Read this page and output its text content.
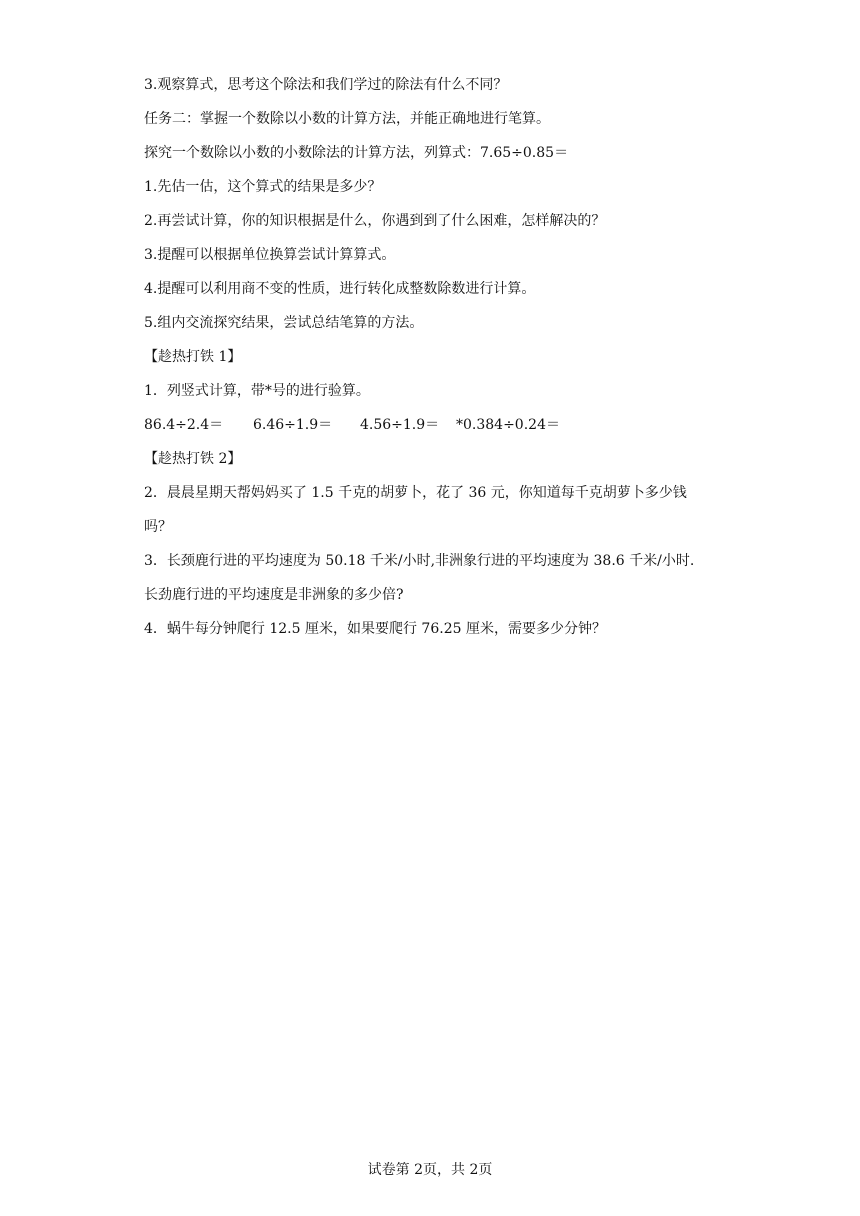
3.观察算式，思考这个除法和我们学过的除法有什么不同？
任务二：掌握一个数除以小数的计算方法，并能正确地进行笔算。
探究一个数除以小数的小数除法的计算方法，列算式：7.65÷0.85＝
1.先估一估，这个算式的结果是多少？
2.再尝试计算，你的知识根据是什么，你遇到到了什么困难，怎样解决的？
3.提醒可以根据单位换算尝试计算算式。
4.提醒可以利用商不变的性质，进行转化成整数除数进行计算。
5.组内交流探究结果，尝试总结笔算的方法。
【趁热打铁 1】
1．列竖式计算，带*号的进行验算。
86.4÷2.4＝	6.46÷1.9＝	4.56÷1.9＝	*0.384÷0.24＝
【趁热打铁 2】
2．晨晨星期天帮妈妈买了 1.5 千克的胡萝卜，花了 36 元，你知道每千克胡萝卜多少钱
吗？
3．长颈鹿行进的平均速度为 50.18 千米/小时,非洲象行进的平均速度为 38.6 千米/小时.
长劲鹿行进的平均速度是非洲象的多少倍?
4．蜗牛每分钟爬行 12.5 厘米，如果要爬行 76.25 厘米，需要多少分钟？
试卷第 2页，共 2页
